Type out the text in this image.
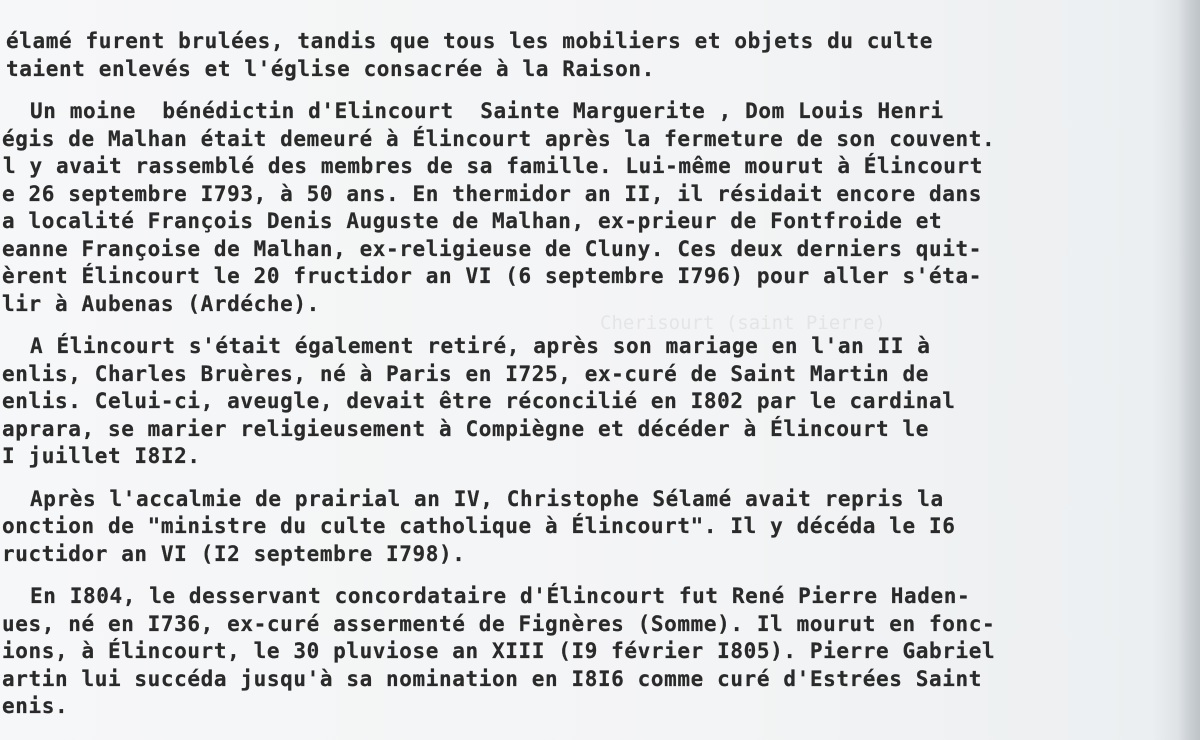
Cherisourt (saint Pierre)
élamé furent brulées, tandis que tous les mobiliers et objets du culte
taient enlevés et l'église consacrée à la Raison.
Un moine  bénédictin d'Elincourt  Sainte Marguerite , Dom Louis Henri
égis de Malhan était demeuré à Élincourt après la fermeture de son couvent.
l y avait rassemblé des membres de sa famille. Lui-même mourut à Élincourt
e 26 septembre I793, à 50 ans. En thermidor an II, il résidait encore dans
a localité François Denis Auguste de Malhan, ex-prieur de Fontfroide et
eanne Françoise de Malhan, ex-religieuse de Cluny. Ces deux derniers quit-
èrent Élincourt le 20 fructidor an VI (6 septembre I796) pour aller s'éta-
lir à Aubenas (Ardéche).
A Élincourt s'était également retiré, après son mariage en l'an II à
enlis, Charles Bruères, né à Paris en I725, ex-curé de Saint Martin de
enlis. Celui-ci, aveugle, devait être réconcilié en I802 par le cardinal
aprara, se marier religieusement à Compiègne et décéder à Élincourt le
I juillet I8I2.
Après l'accalmie de prairial an IV, Christophe Sélamé avait repris la
onction de "ministre du culte catholique à Élincourt". Il y décéda le I6
ructidor an VI (I2 septembre I798).
En I804, le desservant concordataire d'Élincourt fut René Pierre Haden-
ues, né en I736, ex-curé assermenté de Fignères (Somme). Il mourut en fonc-
ions, à Élincourt, le 30 pluviose an XIII (I9 février I805). Pierre Gabriel
artin lui succéda jusqu'à sa nomination en I8I6 comme curé d'Estrées Saint
enis.
